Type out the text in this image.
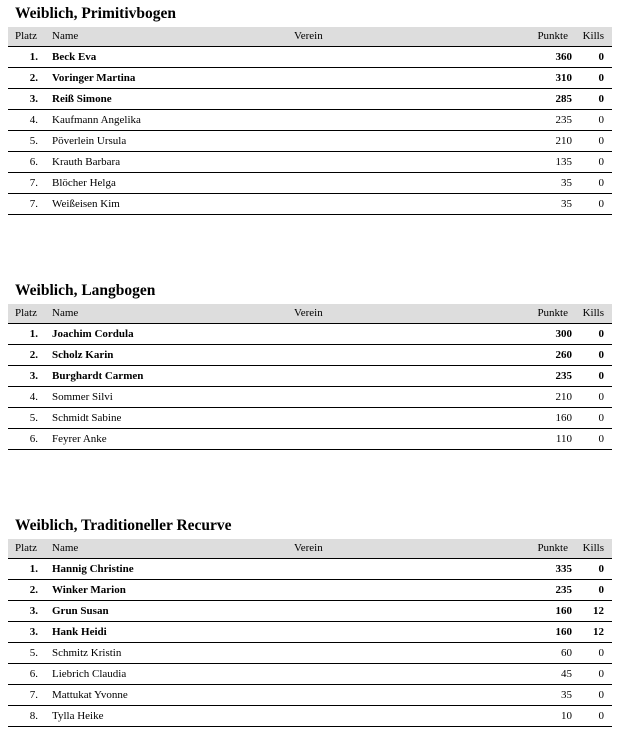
Weiblich, Primitivbogen
Platz Name	Verein	Punkte Kills
1. Beck Eva	360 0
2. Voringer Martina	310 0
3. Reiß Simone	285 0
4. Kaufmann Angelika	235 0
5. Pöverlein Ursula	210 0
6. Krauth Barbara	135 0
7. Blöcher Helga	35 0
7. Weißeisen Kim	35 0
Weiblich, Langbogen
Platz Name	Verein	Punkte Kills
1. Joachim Cordula	300 0
2. Scholz Karin	260 0
3. Burghardt Carmen	235 0
4. Sommer Silvi	210 0
5. Schmidt Sabine	160 0
6. Feyrer Anke	110 0
Weiblich, Traditioneller Recurve
Platz Name	Verein	Punkte Kills
1. Hannig Christine	335 0
2. Winker Marion	235 0
3. Grun Susan	160 12
3. Hank Heidi	160 12
5. Schmitz Kristin	60 0
6. Liebrich Claudia	45 0
7. Mattukat Yvonne	35 0
8. Tylla Heike	10 0
